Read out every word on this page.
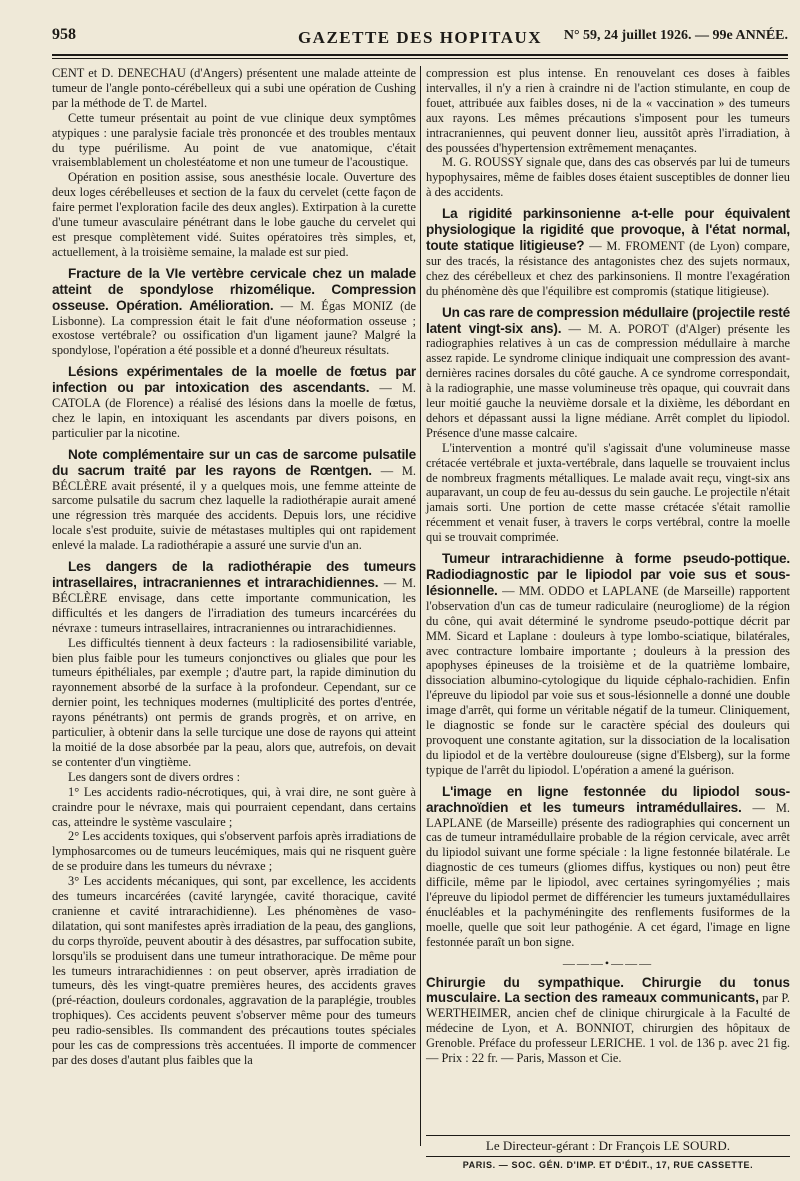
958	GAZETTE DES HOPITAUX	N° 59, 24 juillet 1926. — 99e ANNÉE.

CENT et D. DENECHAU (d'Angers) présentent une malade atteinte de tumeur de l'angle ponto-cérébelleux qui a subi une opération de Cushing par la méthode de T. de Martel.

Cette tumeur présentait au point de vue clinique deux symptômes atypiques : une paralysie faciale très prononcée et des troubles mentaux du type puérilisme. Au point de vue anatomique, c'était vraisemblablement un cholestéatome et non une tumeur de l'acoustique.

Opération en position assise, sous anesthésie locale. Ouverture des deux loges cérébelleuses et section de la faux du cervelet (cette façon de faire permet l'exploration facile des deux angles). Extirpation à la curette d'une tumeur avasculaire pénétrant dans le lobe gauche du cervelet qui est presque complètement vidé. Suites opératoires très simples, et, actuellement, à la troisième semaine, la malade est sur pied.

Fracture de la VIe vertèbre cervicale chez un malade atteint de spondylose rhizomélique. Compression osseuse. Opération. Amélioration. — M. Égas MONIZ (de Lisbonne). La compression était le fait d'une néoformation osseuse ; exostose vertébrale? ou ossification d'un ligament jaune? Malgré la spondylose, l'opération a été possible et a donné d'heureux résultats.

Lésions expérimentales de la moelle de fœtus par infection ou par intoxication des ascendants. — M. CATOLA (de Florence) a réalisé des lésions dans la moelle de fœtus, chez le lapin, en intoxiquant les ascendants par divers poisons, en particulier par la nicotine.

Note complémentaire sur un cas de sarcome pulsatile du sacrum traité par les rayons de Rœntgen. — M. BÉCLÈRE avait présenté, il y a quelques mois, une femme atteinte de sarcome pulsatile du sacrum chez laquelle la radiothérapie aurait amené une régression très marquée des accidents. Depuis lors, une récidive locale s'est produite, suivie de métastases multiples qui ont rapidement enlevé la malade. La radiothérapie a assuré une survie d'un an.

Les dangers de la radiothérapie des tumeurs intrasellaires, intracraniennes et intrarachidiennes. — M. BÉCLÈRE envisage, dans cette importante communication, les difficultés et les dangers de l'irradiation des tumeurs incarcérées du névraxe : tumeurs intrasellaires, intracraniennes ou intrarachidiennes.

Les difficultés tiennent à deux facteurs : la radiosensibilité variable, bien plus faible pour les tumeurs conjonctives ou gliales que pour les tumeurs épithéliales, par exemple ; d'autre part, la rapide diminution du rayonnement absorbé de la surface à la profondeur. Cependant, sur ce dernier point, les techniques modernes (multiplicité des portes d'entrée, rayons pénétrants) ont permis de grands progrès, et on arrive, en particulier, à obtenir dans la selle turcique une dose de rayons qui atteint la moitié de la dose absorbée par la peau, alors que, autrefois, on devait se contenter d'un vingtième.

Les dangers sont de divers ordres :

1° Les accidents radio-nécrotiques, qui, à vrai dire, ne sont guère à craindre pour le névraxe, mais qui pourraient cependant, dans certains cas, atteindre le système vasculaire ;

2° Les accidents toxiques, qui s'observent parfois après irradiations de lymphosarcomes ou de tumeurs leucémiques, mais qui ne risquent guère de se produire dans les tumeurs du névraxe ;

3° Les accidents mécaniques, qui sont, par excellence, les accidents des tumeurs incarcérées (cavité laryngée, cavité thoracique, cavité cranienne et cavité intrarachidienne). Les phénomènes de vaso-dilatation, qui sont manifestes après irradiation de la peau, des ganglions, du corps thyroïde, peuvent aboutir à des désastres, par suffocation subite, lorsqu'ils se produisent dans une tumeur intrathoracique. De même pour les tumeurs intrarachidiennes : on peut observer, après irradiation de tumeurs, dès les vingt-quatre premières heures, des accidents graves (pré-réaction, douleurs cordonales, aggravation de la paraplégie, troubles trophiques). Ces accidents peuvent s'observer même pour des tumeurs peu radio-sensibles. Ils commandent des précautions toutes spéciales pour les cas de compressions très accentuées. Il importe de commencer par des doses d'autant plus faibles que la

compression est plus intense. En renouvelant ces doses à faibles intervalles, il n'y a rien à craindre ni de l'action stimulante, en coup de fouet, attribuée aux faibles doses, ni de la « vaccination » des tumeurs aux rayons. Les mêmes précautions s'imposent pour les tumeurs intracraniennes, qui peuvent donner lieu, aussitôt après l'irradiation, à des poussées d'hypertension extrêmement menaçantes.

M. G. ROUSSY signale que, dans des cas observés par lui de tumeurs hypophysaires, même de faibles doses étaient susceptibles de donner lieu à des accidents.

La rigidité parkinsonienne a-t-elle pour équivalent physiologique la rigidité que provoque, à l'état normal, toute statique litigieuse? — M. FROMENT (de Lyon) compare, sur des tracés, la résistance des antagonistes chez des sujets normaux, chez des cérébelleux et chez des parkinsoniens. Il montre l'exagération du phénomène dès que l'équilibre est compromis (statique litigieuse).

Un cas rare de compression médullaire (projectile resté latent vingt-six ans). — M. A. POROT (d'Alger) présente les radiographies relatives à un cas de compression médullaire à marche assez rapide. Le syndrome clinique indiquait une compression des avant-dernières racines dorsales du côté gauche. A ce syndrome correspondait, à la radiographie, une masse volumineuse très opaque, qui couvrait dans leur moitié gauche la neuvième dorsale et la dixième, les débordant en dehors et dépassant aussi la ligne médiane. Arrêt complet du lipiodol. Présence d'une masse calcaire.

L'intervention a montré qu'il s'agissait d'une volumineuse masse crétacée vertébrale et juxta-vertébrale, dans laquelle se trouvaient inclus de nombreux fragments métalliques. Le malade avait reçu, vingt-six ans auparavant, un coup de feu au-dessus du sein gauche. Le projectile n'était jamais sorti. Une portion de cette masse crétacée s'était ramollie récemment et venait fuser, à travers le corps vertébral, contre la moelle qui se trouvait comprimée.

Tumeur intrarachidienne à forme pseudo-pottique. Radiodiagnostic par le lipiodol par voie sus et sous-lésionnelle. — MM. ODDO et LAPLANE (de Marseille) rapportent l'observation d'un cas de tumeur radiculaire (neurogliome) de la région du cône, qui avait déterminé le syndrome pseudo-pottique décrit par MM. Sicard et Laplane : douleurs à type lombo-sciatique, bilatérales, avec contracture lombaire importante ; douleurs à la pression des apophyses épineuses de la troisième et de la quatrième lombaire, dissociation albumino-cytologique du liquide céphalo-rachidien. Enfin l'épreuve du lipiodol par voie sus et sous-lésionnelle a donné une double image d'arrêt, qui forme un véritable négatif de la tumeur. Cliniquement, le diagnostic se fonde sur le caractère spécial des douleurs qui provoquent une constante agitation, sur la dissociation de la localisation du lipiodol et de la vertèbre douloureuse (signe d'Elsberg), sur la forme typique de l'arrêt du lipiodol. L'opération a amené la guérison.

L'image en ligne festonnée du lipiodol sous-arachnoïdien et les tumeurs intramédullaires. — M. LAPLANE (de Marseille) présente des radiographies qui concernent un cas de tumeur intramédullaire probable de la région cervicale, avec arrêt du lipiodol suivant une forme spéciale : la ligne festonnée bilatérale. Le diagnostic de ces tumeurs (gliomes diffus, kystiques ou non) peut être difficile, même par le lipiodol, avec certaines syringomyélies ; mais l'épreuve du lipiodol permet de différencier les tumeurs juxtamédullaires énucléables et la pachyméningite des renflements fusiformes de la moelle, quelle que soit leur pathogénie. A cet égard, l'image en ligne festonnée paraît un bon signe.

———•———

Chirurgie du sympathique. Chirurgie du tonus musculaire. La section des rameaux communicants, par P. WERTHEIMER, ancien chef de clinique chirurgicale à la Faculté de médecine de Lyon, et A. BONNIOT, chirurgien des hôpitaux de Grenoble. Préface du professeur LERICHE. 1 vol. de 136 p. avec 21 fig. — Prix : 22 fr. — Paris, Masson et Cie.

Le Directeur-gérant : Dr François LE SOURD.
PARIS. — SOC. GÉN. D'IMP. ET D'ÉDIT., 17, RUE CASSETTE.
